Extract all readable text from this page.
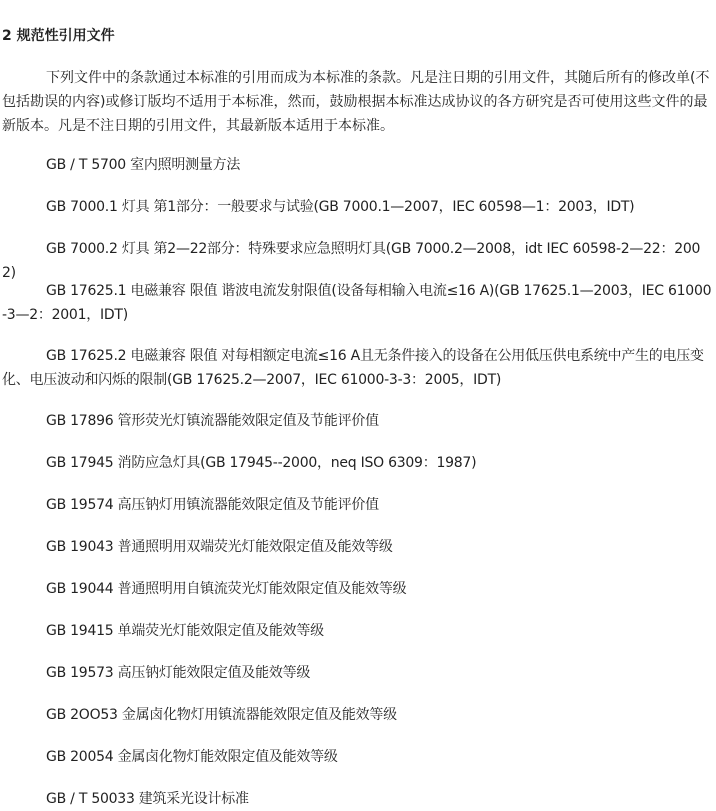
2 规范性引用文件
下列文件中的条款通过本标准的引用而成为本标准的条款。凡是注日期的引用文件，其随后所有的修改单(不包括勘误的内容)或修订版均不适用于本标准，然而，鼓励根据本标准达成协议的各方研究是否可使用这些文件的最新版本。凡是不注日期的引用文件，其最新版本适用于本标准。
GB / T 5700 室内照明测量方法
GB 7000.1 灯具 第1部分：一般要求与试验(GB 7000.1—2007，IEC 60598—1：2003，IDT)
GB 7000.2 灯具 第2—22部分：特殊要求应急照明灯具(GB 7000.2—2008，idt IEC 60598-2—22：2002)
GB 17625.1 电磁兼容 限值 谐波电流发射限值(设备每相输入电流≤16 A)(GB 17625.1—2003，IEC 61000-3—2：2001，IDT)
GB 17625.2 电磁兼容 限值 对每相额定电流≤16 A且无条件接入的设备在公用低压供电系统中产生的电压变化、电压波动和闪烁的限制(GB 17625.2—2007，IEC 61000-3-3：2005，IDT)
GB 17896 管形荧光灯镇流器能效限定值及节能评价值
GB 17945 消防应急灯具(GB 17945--2000，neq ISO 6309：1987)
GB 19574 高压钠灯用镇流器能效限定值及节能评价值
GB 19043 普通照明用双端荧光灯能效限定值及能效等级
GB 19044 普通照明用自镇流荧光灯能效限定值及能效等级
GB 19415 单端荧光灯能效限定值及能效等级
GB 19573 高压钠灯能效限定值及能效等级
GB 2OO53 金属卤化物灯用镇流器能效限定值及能效等级
GB 20054 金属卤化物灯能效限定值及能效等级
GB / T 50033 建筑采光设计标准
